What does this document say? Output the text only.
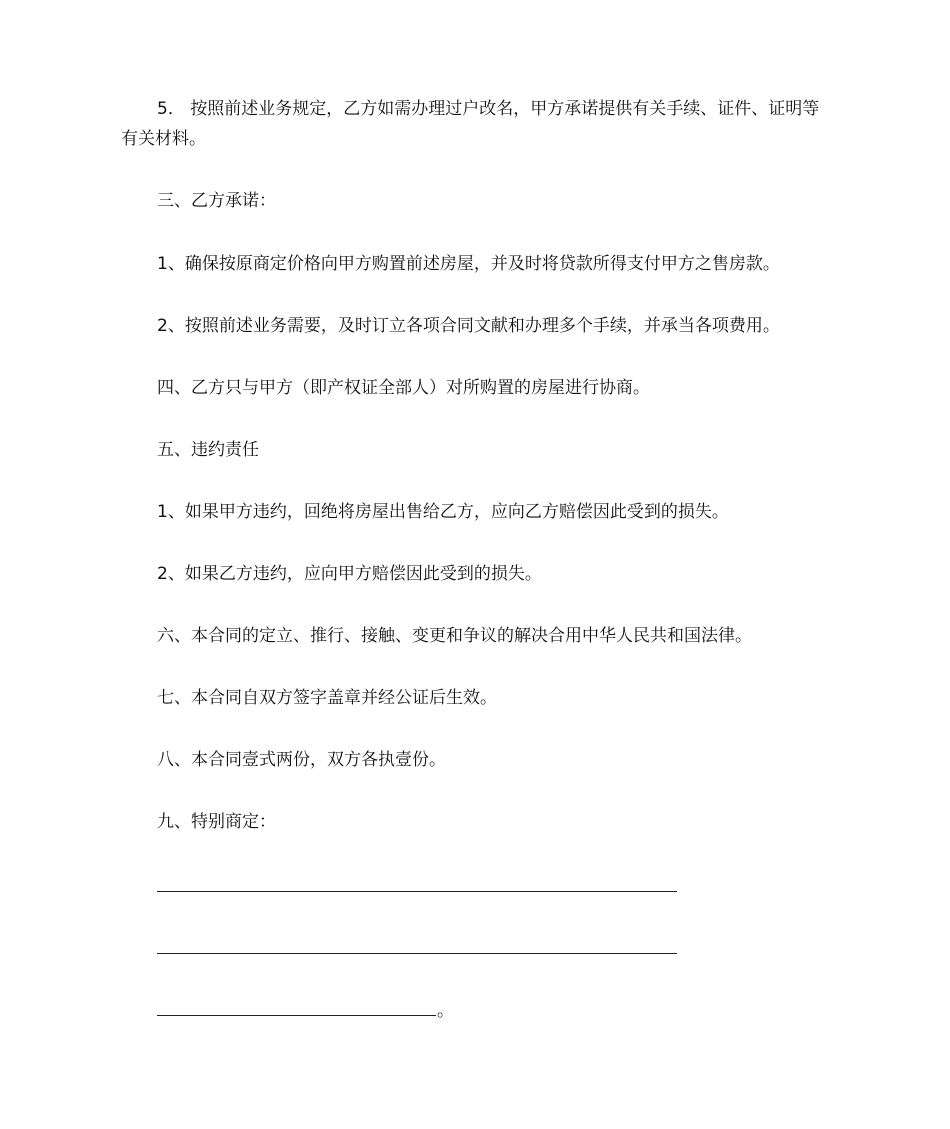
5． 按照前述业务规定，乙方如需办理过户改名，甲方承诺提供有关手续、证件、证明等有关材料。

三、乙方承诺：

1、确保按原商定价格向甲方购置前述房屋，并及时将贷款所得支付甲方之售房款。

2、按照前述业务需要，及时订立各项合同文献和办理多个手续，并承当各项费用。

四、乙方只与甲方（即产权证全部人）对所购置的房屋进行协商。

五、违约责任

1、如果甲方违约，回绝将房屋出售给乙方，应向乙方赔偿因此受到的损失。

2、如果乙方违约，应向甲方赔偿因此受到的损失。

六、本合同的定立、推行、接触、变更和争议的解决合用中华人民共和国法律。

七、本合同自双方签字盖章并经公证后生效。

八、本合同壹式两份，双方各执壹份。

九、特别商定：

。
